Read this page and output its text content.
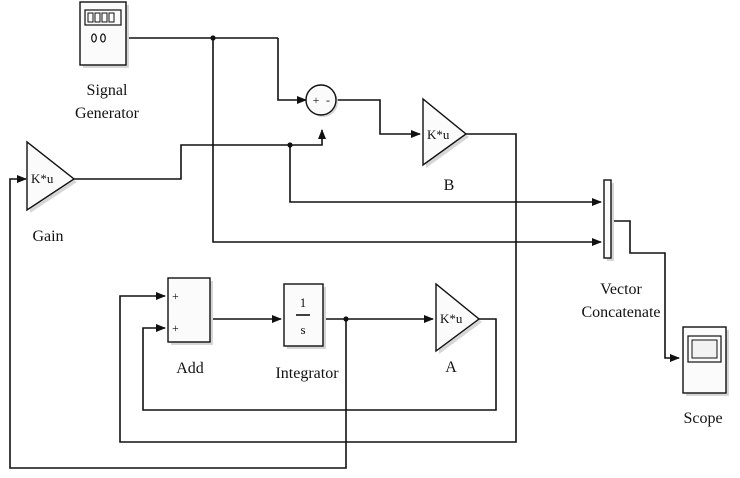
Signal
Generator
+ -
K*u
Gain
K*u
B
Vector
Concatenate
+
+
Add
1
s
Integrator
K*u
A
Scope
